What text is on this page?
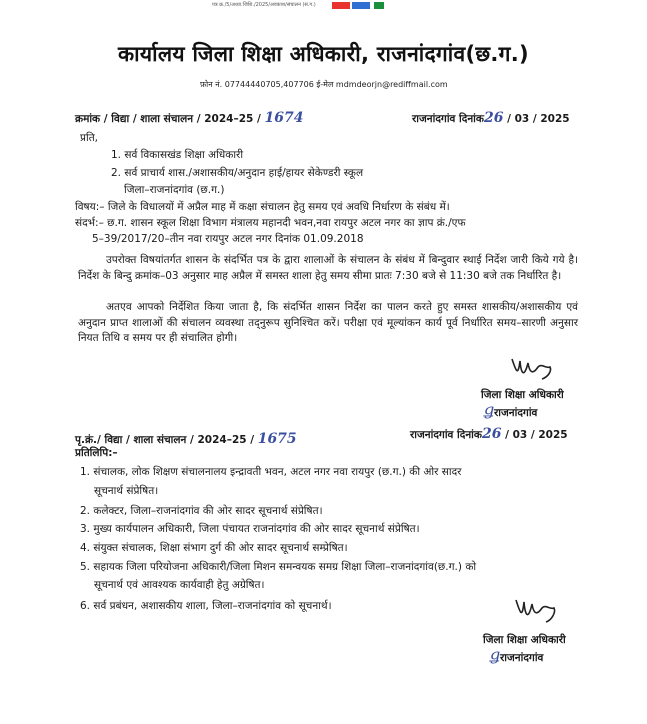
पत्र क्र./5/अध्या.जिशि./2025/अवकाश/संचालन (सं.ग.)
कार्यालय जिला शिक्षा अधिकारी, राजनांदगांव(छ.ग.)
फ़ोन नं. 07744440705,407706 ई-मेल mdmdeorjn@rediffmail.com
क्रमांक / विद्या / शाला संचालन / 2024–25 / 1674	राजनांदगांव दिनांक26 / 03 / 2025
प्रति,
1. सर्व विकासखंड शिक्षा अधिकारी
2. सर्व प्राचार्य शास./अशासकीय/अनुदान हाई/हायर सेकेण्डरी स्कूल
जिला–राजनांदगांव (छ.ग.)
विषय:– जिले के विधालयों में अप्रैल माह में कक्षा संचालन हेतु समय एवं अवधि निर्धारण के संबंध में।
संदर्भ:– छ.ग. शासन स्कूल शिक्षा विभाग मंत्रालय महानदी भवन,नवा रायपुर अटल नगर का ज्ञाप क्रं./एफ
5–39/2017/20–तीन नवा रायपुर अटल नगर दिनांक 01.09.2018
उपरोक्त विषयांतर्गत शासन के संदर्भित पत्र के द्वारा शालाओं के संचालन के संबंध में बिन्दुवार स्थाई निर्देश जारी किये गये है। निर्देश के बिन्दु क्रमांक–03 अनुसार माह अप्रैल में समस्त शाला हेतु समय सीमा प्रातः 7:30 बजे से 11:30 बजे तक निर्धारित है।
अतएव आपको निर्देशित किया जाता है, कि संदर्भित शासन निर्देश का पालन करते हुए समस्त शासकीय/अशासकीय एवं अनुदान प्राप्त शालाओं की संचालन व्यवस्था तद्नुरूप सुनिश्चित करें। परीक्षा एवं मूल्यांकन कार्य पूर्व निर्धारित समय–सारणी अनुसार नियत तिथि व समय पर ही संचालित होगी।
जिला शिक्षा अधिकारी
राजनांदगांव
ǥ
पृ.क्रं./ विद्या / शाला संचालन / 2024–25 / 1675	राजनांदगांव दिनांक26 / 03 / 2025
प्रतिलिपि:–
1. संचालक, लोक शिक्षण संचालनालय इन्द्रावती भवन, अटल नगर नवा रायपुर (छ.ग.) की ओर सादर
सूचनार्थ संप्रेषित।
2. कलेक्टर, जिला–राजनांदगांव की ओर सादर सूचनार्थ संप्रेषित।
3. मुख्य कार्यपालन अधिकारी, जिला पंचायत राजनांदगांव की ओर सादर सूचनार्थ संप्रेषित।
4. संयुक्त संचालक, शिक्षा संभाग दुर्ग की ओर सादर सूचनार्थ सम्प्रेषित।
5. सहायक जिला परियोजना अधिकारी/जिला मिशन समन्वयक समग्र शिक्षा जिला–राजनांदगांव(छ.ग.) को
सूचनार्थ एवं आवश्यक कार्यवाही हेतु अग्रेषित।
6. सर्व प्रबंधन, अशासकीय शाला, जिला–राजनांदगांव को सूचनार्थ।
जिला शिक्षा अधिकारी
राजनांदगांव
ǥ
